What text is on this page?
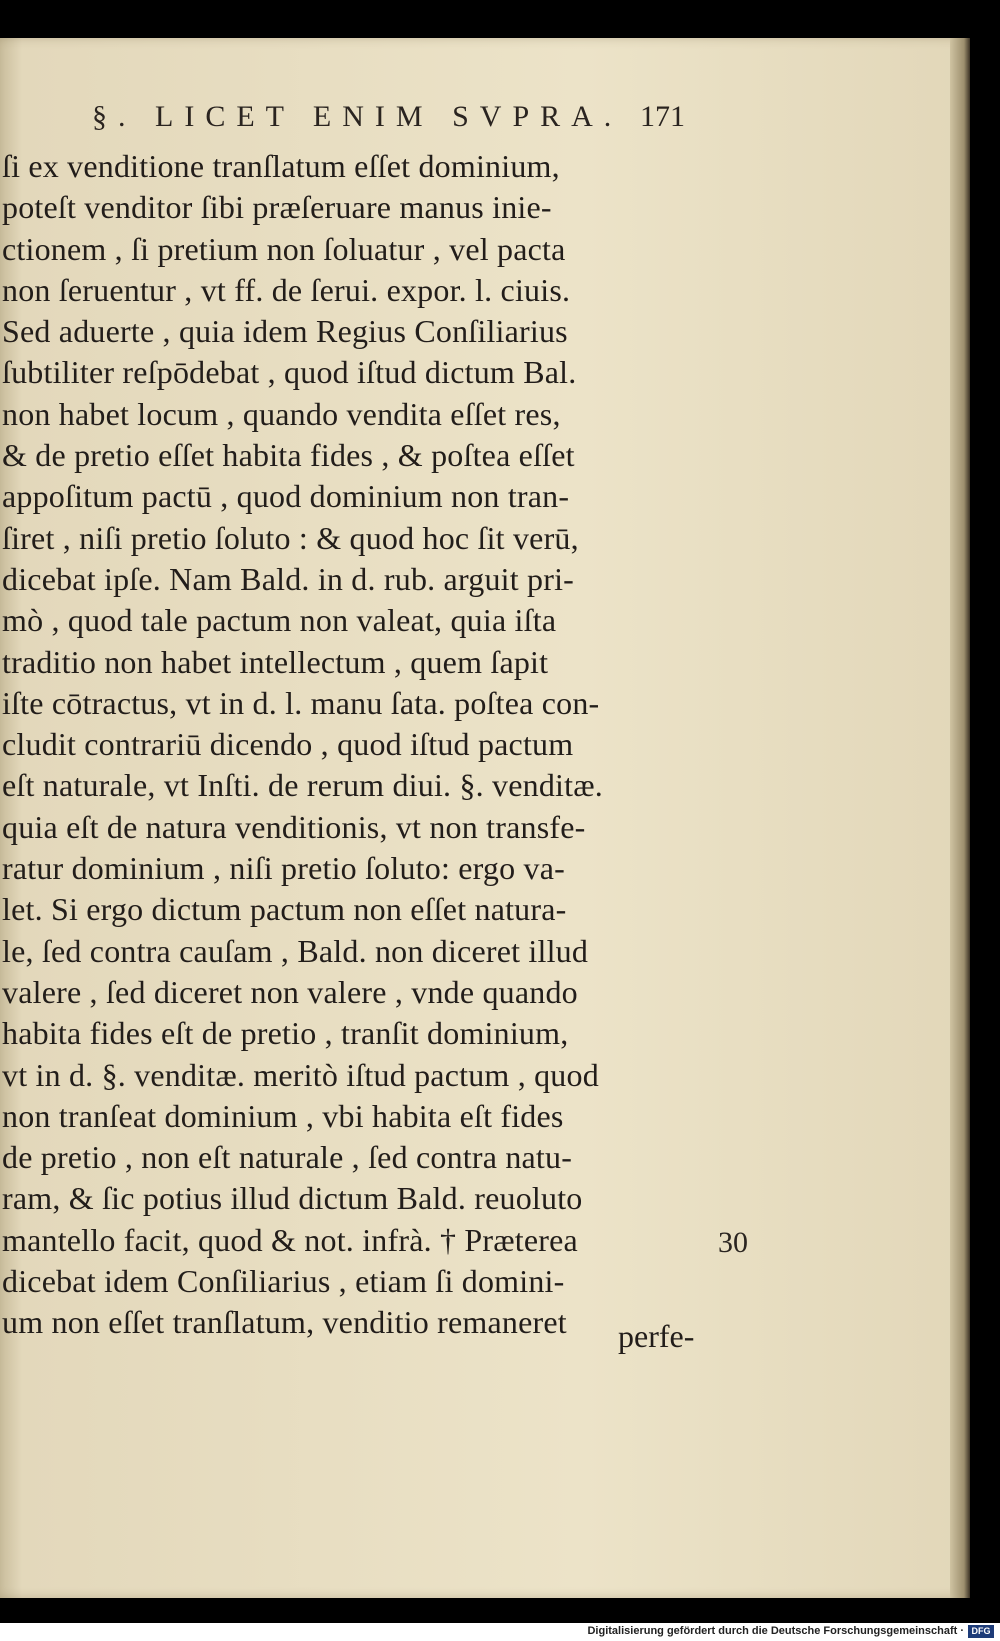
§. LICET ENIM SVPRA. 171
ſi ex venditione tranſlatum eſſet dominium,
poteſt venditor ſibi præſeruare manus inie-
ctionem , ſi pretium non ſoluatur , vel pacta
non ſeruentur , vt ff. de ſerui. expor. l. ciuis.
Sed aduerte , quia idem Regius Conſiliarius
ſubtiliter reſpōdebat , quod iſtud dictum Bal.
non habet locum , quando vendita eſſet res,
& de pretio eſſet habita fides , & poſtea eſſet
appoſitum pactū , quod dominium non tran-
ſiret , niſi pretio ſoluto : & quod hoc ſit verū,
dicebat ipſe. Nam Bald. in d. rub. arguit pri-
mò , quod tale pactum non valeat, quia iſta
traditio non habet intellectum , quem ſapit
iſte cōtractus, vt in d. l. manu ſata. poſtea con-
cludit contrariū dicendo , quod iſtud pactum
eſt naturale, vt Inſti. de rerum diui. §. venditæ.
quia eſt de natura venditionis, vt non transfe-
ratur dominium , niſi pretio ſoluto: ergo va-
let. Si ergo dictum pactum non eſſet natura-
le, ſed contra cauſam , Bald. non diceret illud
valere , ſed diceret non valere , vnde quando
habita fides eſt de pretio , tranſit dominium,
vt in d. §. venditæ. meritò iſtud pactum , quod
non tranſeat dominium , vbi habita eſt fides
de pretio , non eſt naturale , ſed contra natu-
ram, & ſic potius illud dictum Bald. reuoluto
mantello facit, quod & not. infrà. † Præterea
dicebat idem Conſiliarius , etiam ſi domini-
um non eſſet tranſlatum, venditio remaneret
30
perfe-
Digitalisierung gefördert durch die Deutsche Forschungsgemeinschaft · DFG
